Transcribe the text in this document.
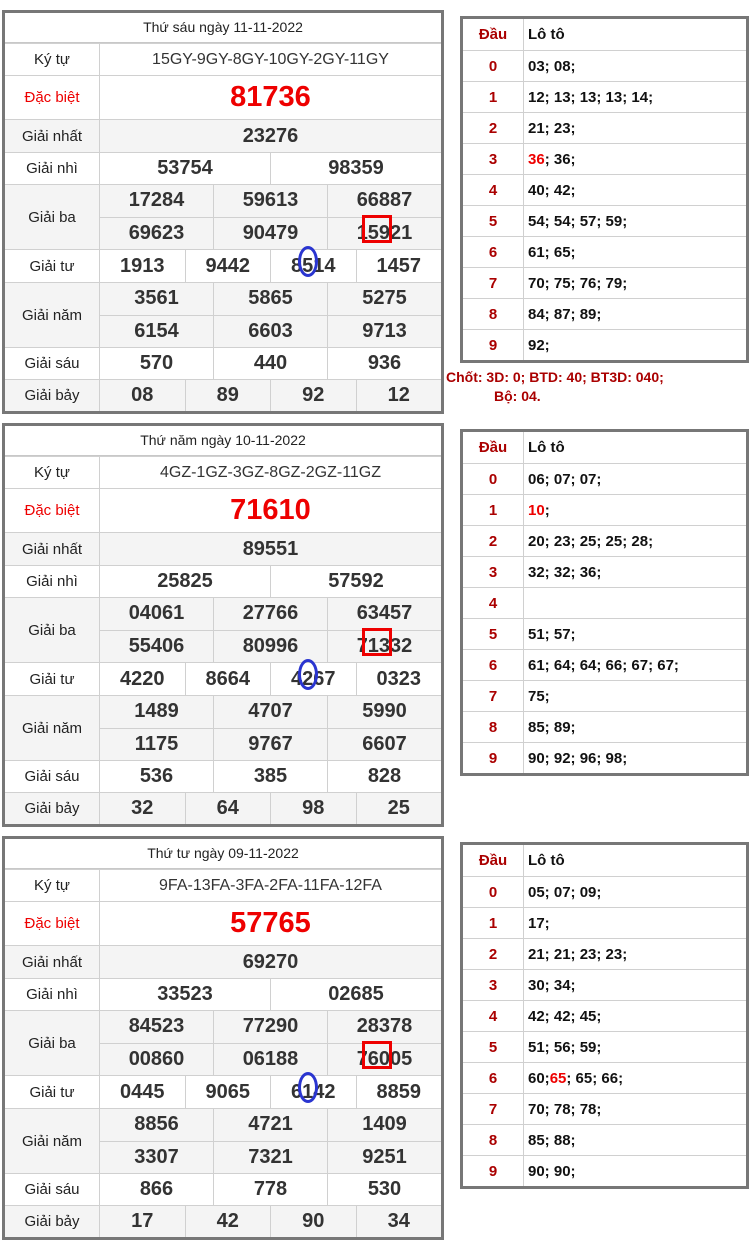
Thứ sáu ngày 11-11-2022
Ký tự	15GY-9GY-8GY-10GY-2GY-11GY
Đặc biệt	81736
Giải nhất	23276
Giải nhì	53754	98359
Giải ba
17284	59613	66887
69623	90479	15921
Giải tư	1913	9442	8514	1457
Giải năm
3561	5865	5275
6154	6603	9713
Giải sáu	570	440	936
Giải bảy	08	89	92	12
Đầu	Lô tô
0	03; 08;
1	12; 13; 13; 13; 14;
2	21; 23;
3	36 ; 36;
4	40; 42;
5	54; 54; 57; 59;
6	61; 65;
7	70; 75; 76; 79;
8	84; 87; 89;
9	92;
Chốt: 3D: 0; BTD: 40; BT3D: 040;
Bộ: 04.
Thứ năm ngày 10-11-2022
Ký tự	4GZ-1GZ-3GZ-8GZ-2GZ-11GZ
Đặc biệt	71610
Giải nhất	89551
Giải nhì	25825	57592
Giải ba
04061	27766	63457
55406	80996	71332
Giải tư	4220	8664	4267	0323
Giải năm
1489	4707	5990
1175	9767	6607
Giải sáu	536	385	828
Giải bảy	32	64	98	25
Đầu	Lô tô
0	06; 07; 07;
1	10 ;
2	20; 23; 25; 25; 28;
3	32; 32; 36;
4
5	51; 57;
6	61; 64; 64; 66; 67; 67;
7	75;
8	85; 89;
9	90; 92; 96; 98;
Thứ tư ngày 09-11-2022
Ký tự	9FA-13FA-3FA-2FA-11FA-12FA
Đặc biệt	57765
Giải nhất	69270
Giải nhì	33523	02685
Giải ba
84523	77290	28378
00860	06188	76005
Giải tư	0445	9065	6142	8859
Giải năm
8856	4721	1409
3307	7321	9251
Giải sáu	866	778	530
Giải bảy	17	42	90	34
Đầu	Lô tô
0	05; 07; 09;
1	17;
2	21; 21; 23; 23;
3	30; 34;
4	42; 42; 45;
5	51; 56; 59;
6	60; 65 ; 65; 66;
7	70; 78; 78;
8	85; 88;
9	90; 90;
